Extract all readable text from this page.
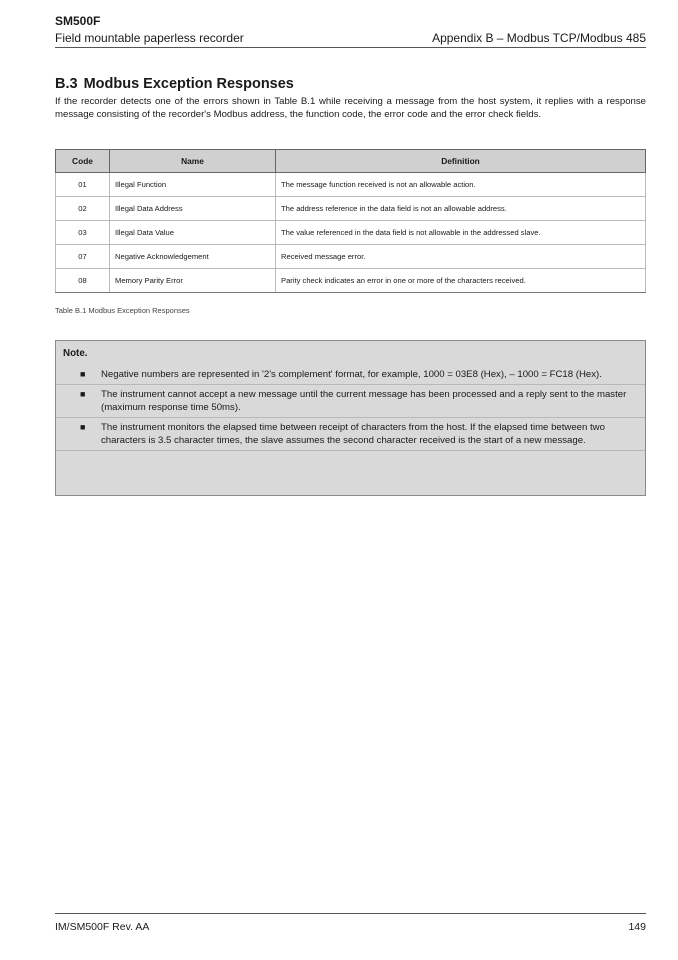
SM500F
Field mountable paperless recorder	Appendix B – Modbus TCP/Modbus 485
B.3 Modbus Exception Responses
If the recorder detects one of the errors shown in Table B.1 while receiving a message from the host system, it replies with a response message consisting of the recorder's Modbus address, the function code, the error code and the error check fields.
Code	Name	Definition
01	Illegal Function	The message function received is not an allowable action.
02	Illegal Data Address	The address reference in the data field is not an allowable address.
03	Illegal Data Value	The value referenced in the data field is not allowable in the addressed slave.
07	Negative Acknowledgement	Received message error.
08	Memory Parity Error	Parity check indicates an error in one or more of the characters received.
Table B.1 Modbus Exception Responses
Note.
■ Negative numbers are represented in '2's complement' format, for example, 1000 = 03E8 (Hex), – 1000 = FC18 (Hex).
■ The instrument cannot accept a new message until the current message has been processed and a reply sent to the master (maximum response time 50ms).
■ The instrument monitors the elapsed time between receipt of characters from the host. If the elapsed time between two characters is 3.5 character times, the slave assumes the second character received is the start of a new message.
IM/SM500F Rev. AA	149
